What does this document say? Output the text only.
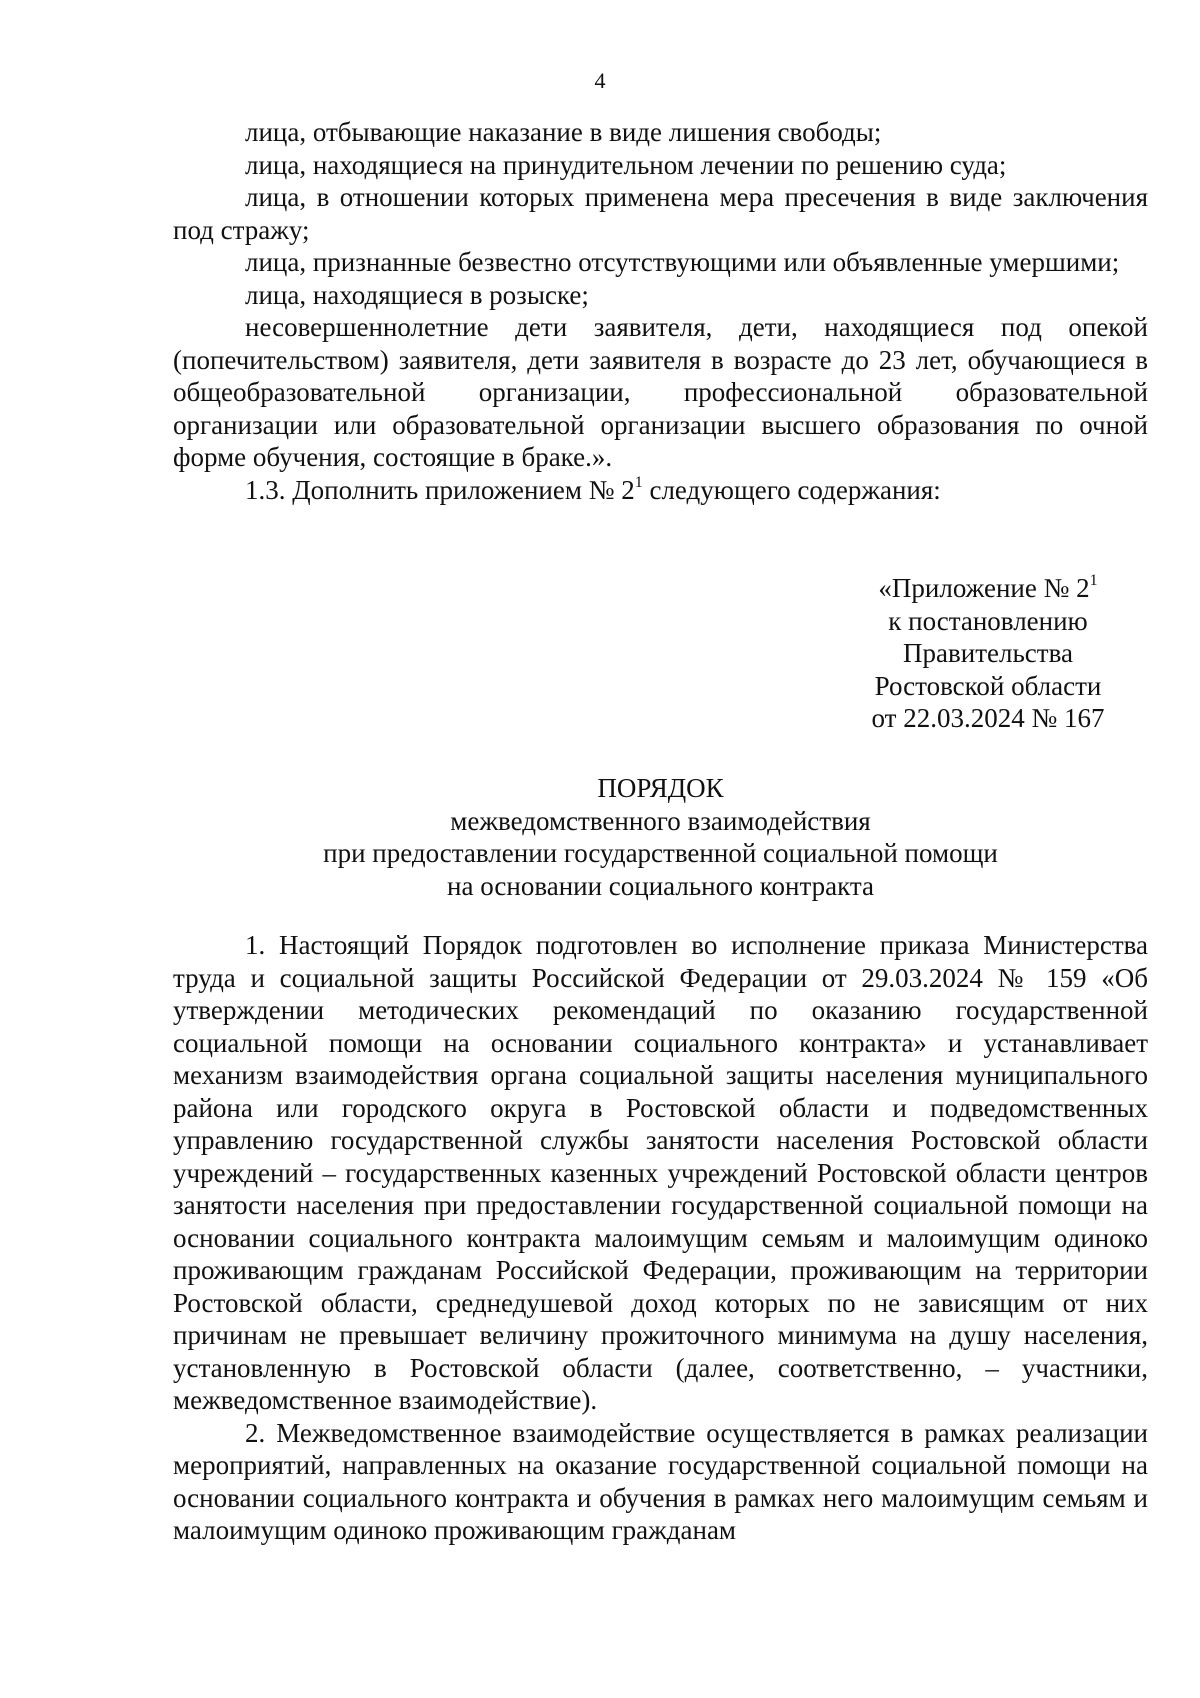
4

лица, отбывающие наказание в виде лишения свободы;

лица, находящиеся на принудительном лечении по решению суда;

лица, в отношении которых применена мера пресечения в виде заключения под стражу;

лица, признанные безвестно отсутствующими или объявленные умершими;

лица, находящиеся в розыске;

несовершеннолетние дети заявителя, дети, находящиеся под опекой (попечительством) заявителя, дети заявителя в возрасте до 23 лет, обучающиеся в общеобразовательной организации, профессиональной образовательной организации или образовательной организации высшего образования по очной форме обучения, состоящие в браке.».

1.3. Дополнить приложением № $2^1$ следующего содержания:

«Приложение № $2^1$
к постановлению
Правительства
Ростовской области
от 22.03.2024 № 167
ПОРЯДОК
межведомственного взаимодействия
при предоставлении государственной социальной помощи
на основании социального контракта

1. Настоящий Порядок подготовлен во исполнение приказа Министерства труда и социальной защиты Российской Федерации от 29.03.2024 № 159 «Об утверждении методических рекомендаций по оказанию государственной социальной помощи на основании социального контракта» и устанавливает механизм взаимодействия органа социальной защиты населения муниципального района или городского округа в Ростовской области и подведомственных управлению государственной службы занятости населения Ростовской области учреждений – государственных казенных учреждений Ростовской области центров занятости населения при предоставлении государственной социальной помощи на основании социального контракта малоимущим семьям и малоимущим одиноко проживающим гражданам Российской Федерации, проживающим на территории Ростовской области, среднедушевой доход которых по не зависящим от них причинам не превышает величину прожиточного минимума на душу населения, установленную в Ростовской области (далее, соответственно, – участники, межведомственное взаимодействие).

2. Межведомственное взаимодействие осуществляется в рамках реализации мероприятий, направленных на оказание государственной социальной помощи на основании социального контракта и обучения в рамках него малоимущим семьям и малоимущим одиноко проживающим гражданам
